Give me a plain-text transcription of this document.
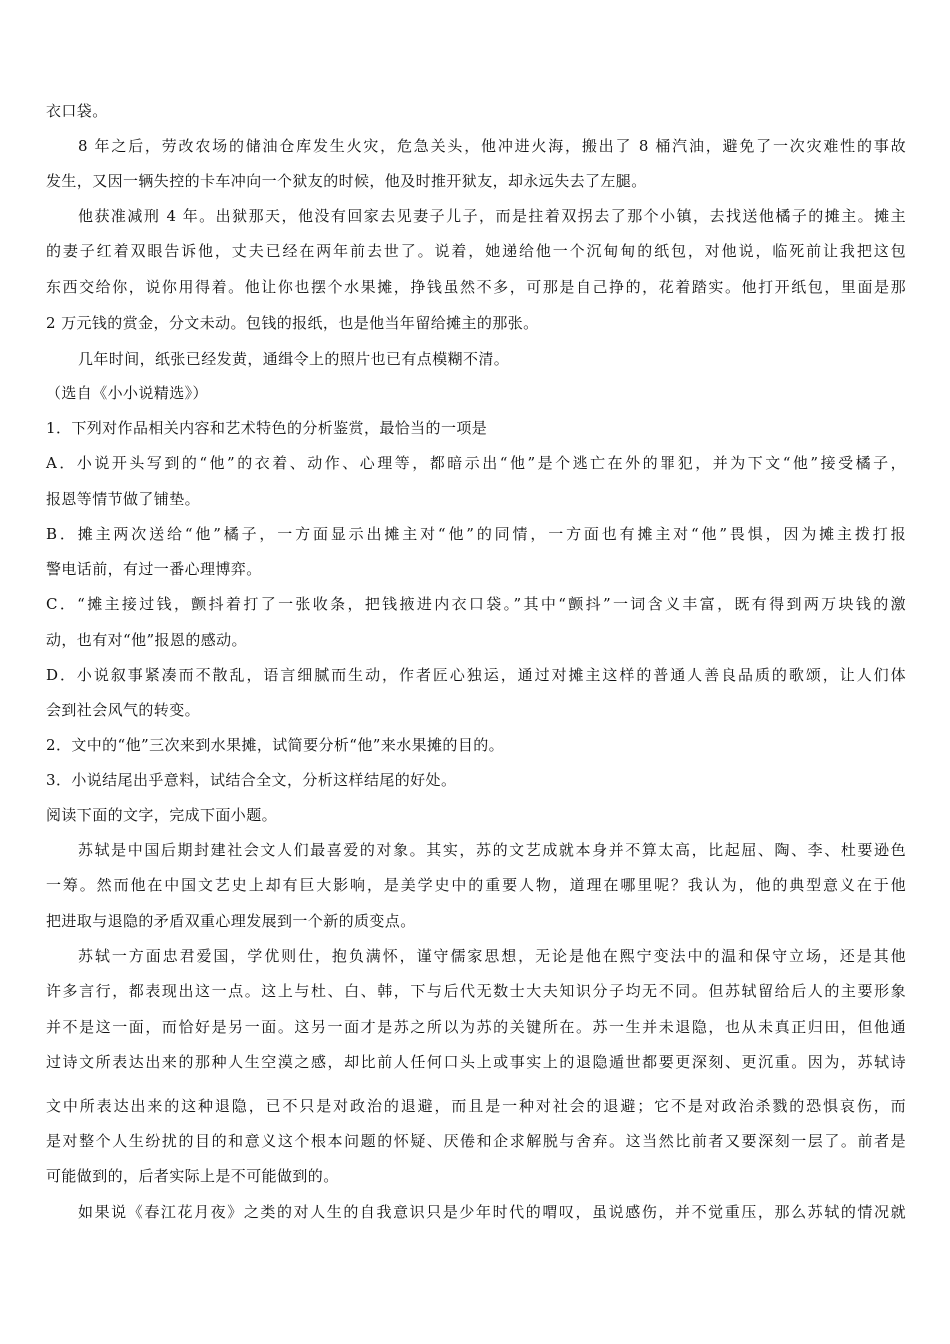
衣口袋。
8 年之后，劳改农场的储油仓库发生火灾，危急关头，他冲进火海，搬出了 8 桶汽油，避免了一次灾难性的事故
发生，又因一辆失控的卡车冲向一个狱友的时候，他及时推开狱友，却永远失去了左腿。
他获准减刑 4 年。出狱那天，他没有回家去见妻子儿子，而是拄着双拐去了那个小镇，去找送他橘子的摊主。摊主
的妻子红着双眼告诉他，丈夫已经在两年前去世了。说着，她递给他一个沉甸甸的纸包，对他说，临死前让我把这包
东西交给你，说你用得着。他让你也摆个水果摊，挣钱虽然不多，可那是自己挣的，花着踏实。他打开纸包，里面是那
2 万元钱的赏金，分文未动。包钱的报纸，也是他当年留给摊主的那张。
几年时间，纸张已经发黄，通缉令上的照片也已有点模糊不清。
（选自《小小说精选》）
1．下列对作品相关内容和艺术特色的分析鉴赏，最恰当的一项是
A．小说开头写到的“他”的衣着、动作、心理等，都暗示出“他”是个逃亡在外的罪犯，并为下文“他”接受橘子，
报恩等情节做了铺垫。
B．摊主两次送给“他”橘子，一方面显示出摊主对“他”的同情，一方面也有摊主对“他”畏惧，因为摊主拨打报
警电话前，有过一番心理博弈。
C．“摊主接过钱，颤抖着打了一张收条，把钱掖进内衣口袋。”其中“颤抖”一词含义丰富，既有得到两万块钱的激
动，也有对“他”报恩的感动。
D．小说叙事紧凑而不散乱，语言细腻而生动，作者匠心独运，通过对摊主这样的普通人善良品质的歌颂，让人们体
会到社会风气的转变。
2．文中的“他”三次来到水果摊，试简要分析“他”来水果摊的目的。
3．小说结尾出乎意料，试结合全文，分析这样结尾的好处。
阅读下面的文字，完成下面小题。
苏轼是中国后期封建社会文人们最喜爱的对象。其实，苏的文艺成就本身并不算太高，比起屈、陶、李、杜要逊色
一筹。然而他在中国文艺史上却有巨大影响，是美学史中的重要人物，道理在哪里呢？我认为，他的典型意义在于他
把进取与退隐的矛盾双重心理发展到一个新的质变点。
苏轼一方面忠君爱国，学优则仕，抱负满怀，谨守儒家思想，无论是他在熙宁变法中的温和保守立场，还是其他
许多言行，都表现出这一点。这上与杜、白、韩，下与后代无数士大夫知识分子均无不同。但苏轼留给后人的主要形象
并不是这一面，而恰好是另一面。这另一面才是苏之所以为苏的关键所在。苏一生并未退隐，也从未真正归田，但他通
过诗文所表达出来的那种人生空漠之感，却比前人任何口头上或事实上的退隐遁世都要更深刻、更沉重。因为，苏轼诗
文中所表达出来的这种退隐，已不只是对政治的退避，而且是一种对社会的退避；它不是对政治杀戮的恐惧哀伤，而
是对整个人生纷扰的目的和意义这个根本问题的怀疑、厌倦和企求解脱与舍弃。这当然比前者又要深刻一层了。前者是
可能做到的，后者实际上是不可能做到的。
如果说《春江花月夜》之类的对人生的自我意识只是少年时代的喟叹，虽说感伤，并不觉重压，那么苏轼的情况就
